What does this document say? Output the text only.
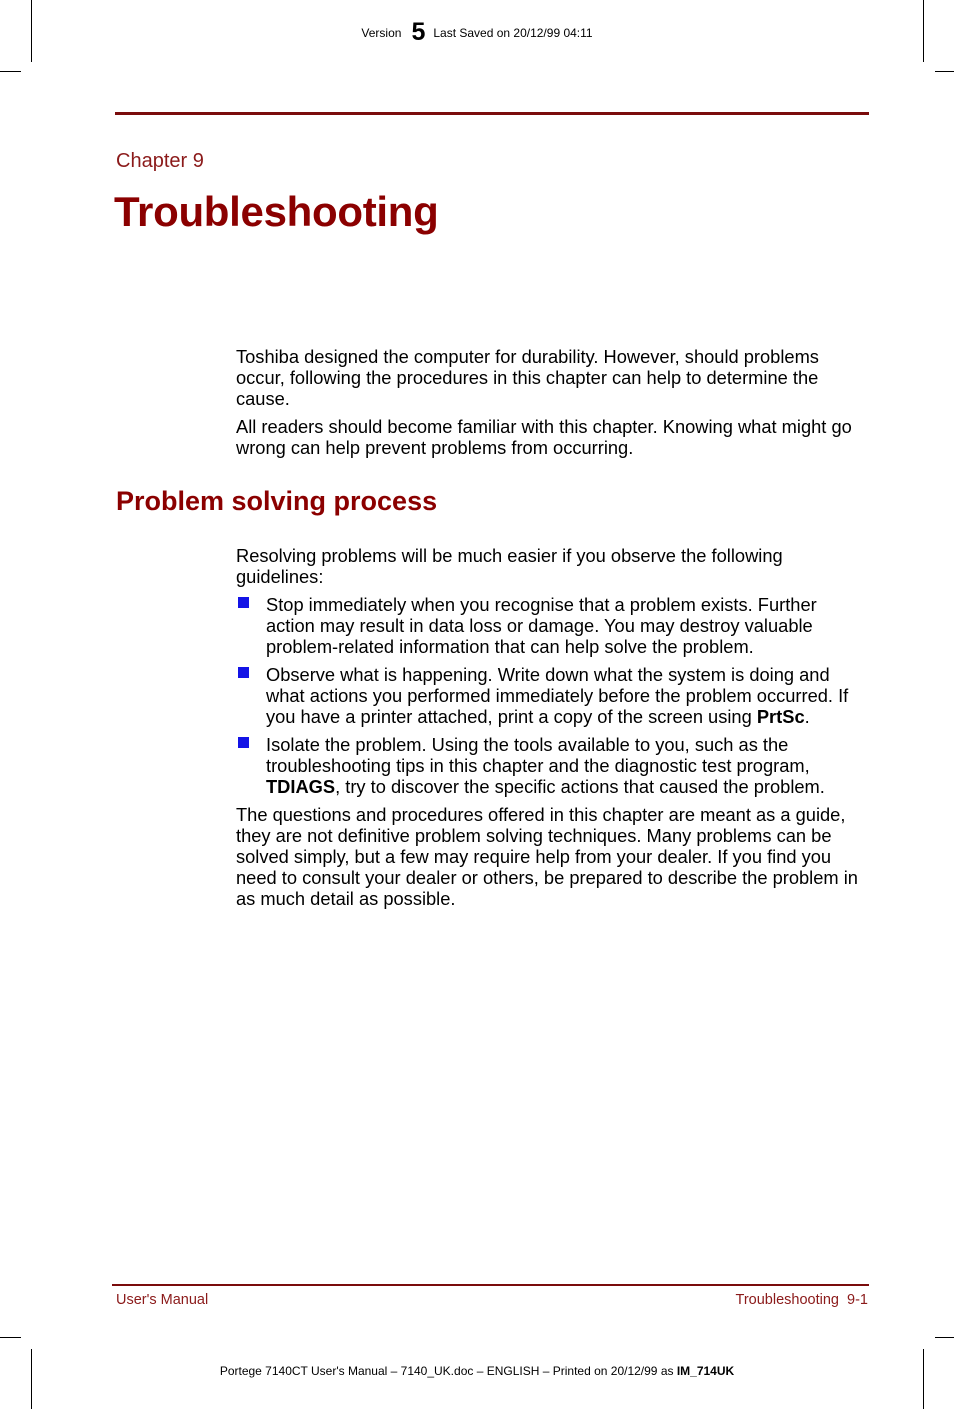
Version 5 Last Saved on 20/12/99 04:11
Chapter 9
Troubleshooting

Toshiba designed the computer for durability. However, should problems occur, following the procedures in this chapter can help to determine the cause.

All readers should become familiar with this chapter. Knowing what might go wrong can help prevent problems from occurring.

Problem solving process

Resolving problems will be much easier if you observe the following guidelines:

Stop immediately when you recognise that a problem exists. Further action may result in data loss or damage. You may destroy valuable problem-related information that can help solve the problem.
Observe what is happening. Write down what the system is doing and what actions you performed immediately before the problem occurred. If you have a printer attached, print a copy of the screen using PrtSc.
Isolate the problem. Using the tools available to you, such as the troubleshooting tips in this chapter and the diagnostic test program, TDIAGS, try to discover the specific actions that caused the problem.

The questions and procedures offered in this chapter are meant as a guide, they are not definitive problem solving techniques. Many problems can be solved simply, but a few may require help from your dealer. If you find you need to consult your dealer or others, be prepared to describe the problem in as much detail as possible.

User's Manual	Troubleshooting  9-1
Portege 7140CT User's Manual – 7140_UK.doc – ENGLISH – Printed on 20/12/99 as IM_714UK
